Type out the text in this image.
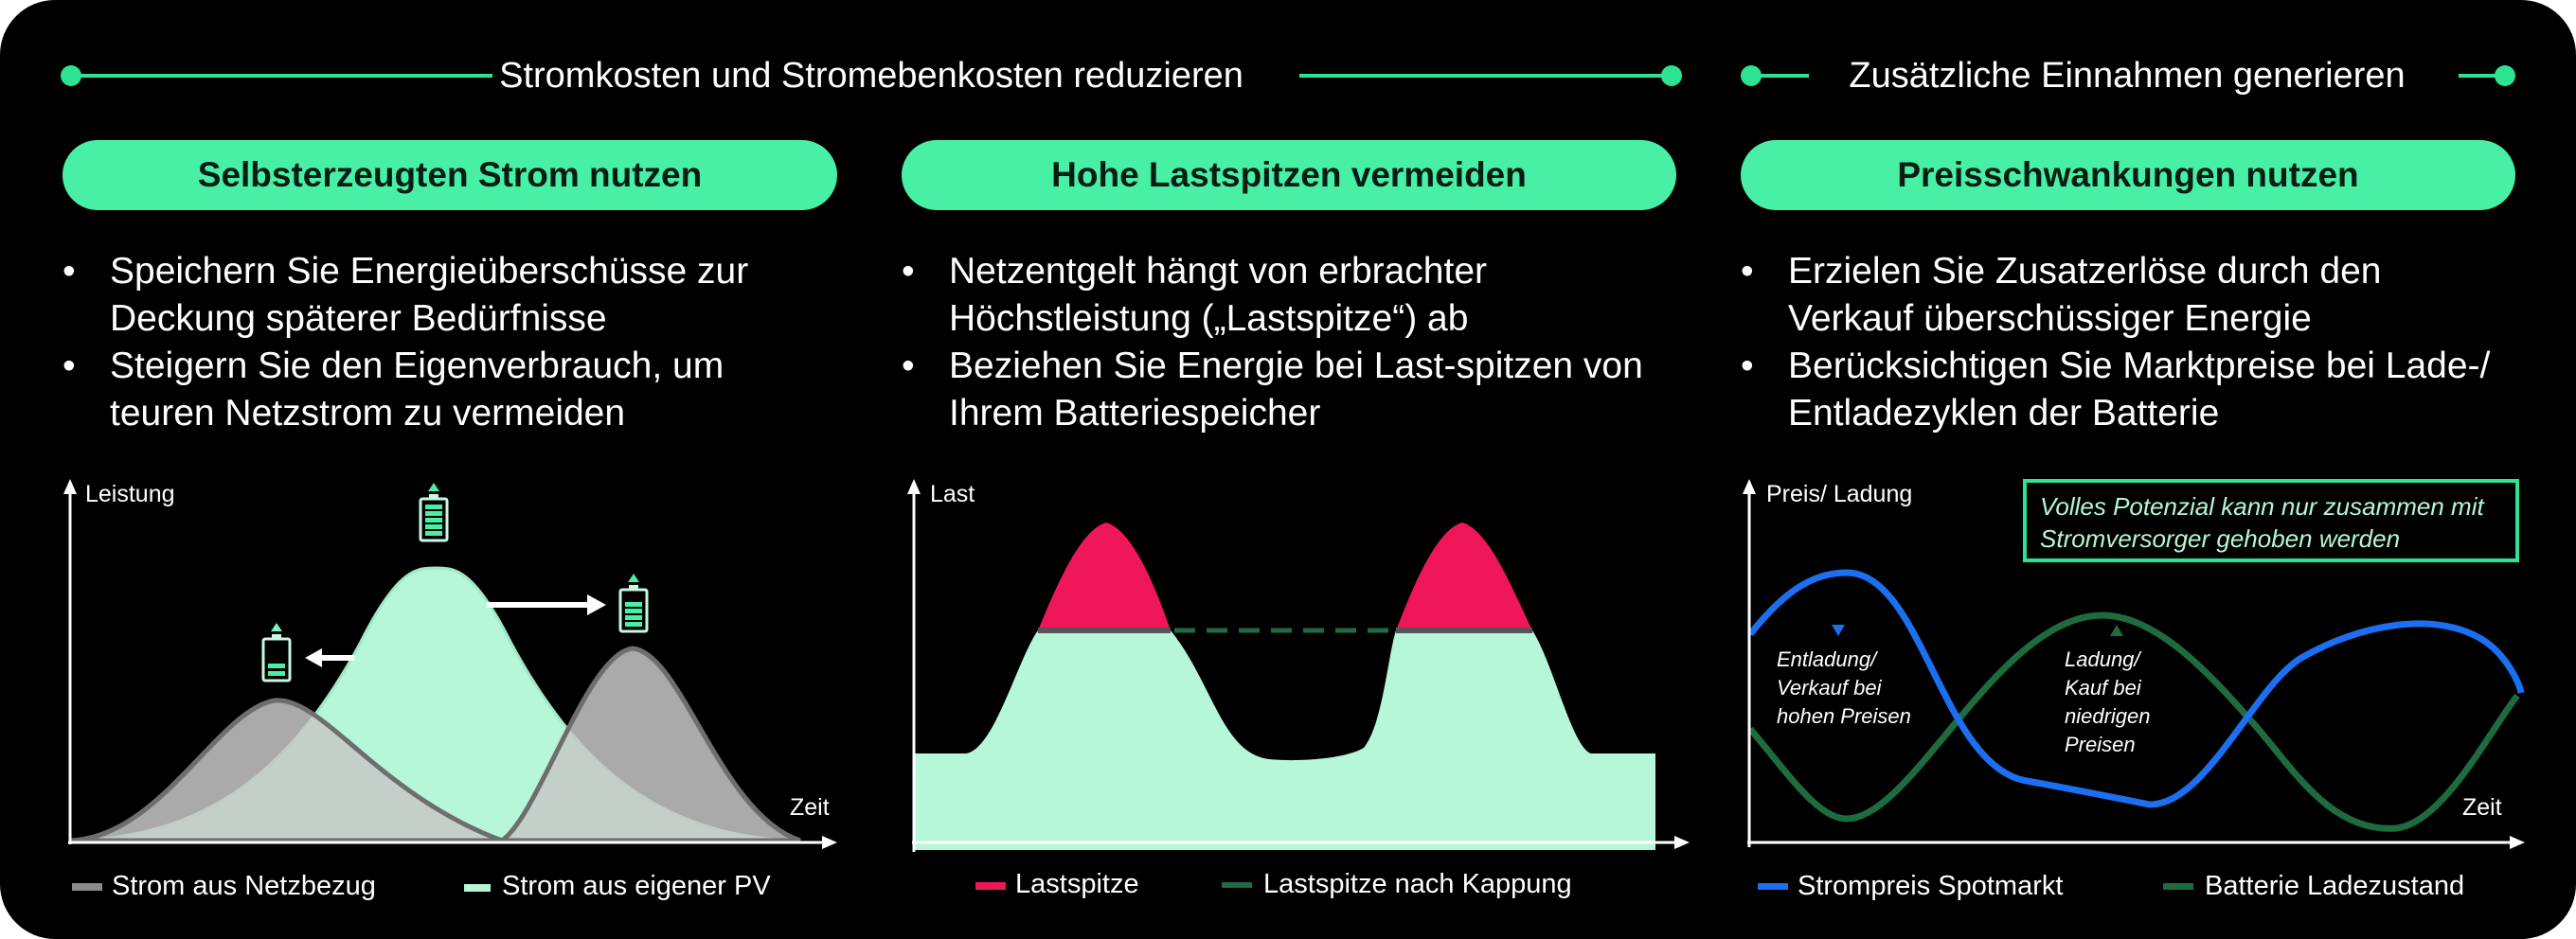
Stromkosten und Stromebenkosten reduzieren	Zusätzliche Einnahmen generieren
Selbsterzeugten Strom nutzen	Hohe Lastspitzen vermeiden	Preisschwankungen nutzen
• Speichern Sie Energieüberschüsse zur Deckung späterer Bedürfnisse
• Steigern Sie den Eigenverbrauch, um teuren Netzstrom zu vermeiden
• Netzentgelt hängt von erbrachter Höchstleistung („Lastspitze“) ab
• Beziehen Sie Energie bei Last-spitzen von Ihrem Batteriespeicher
• Erzielen Sie Zusatzerlöse durch den Verkauf überschüssiger Energie
• Berücksichtigen Sie Marktpreise bei Lade-/ Entladezyklen der Batterie
Leistung
Zeit
Strom aus Netzbezug	Strom aus eigener PV
Last
Lastspitze	Lastspitze nach Kappung
Preis/ Ladung
Zeit
Volles Potenzial kann nur zusammen mit
Stromversorger gehoben werden
Entladung/
Verkauf bei
hohen Preisen
Ladung/
Kauf bei
niedrigen
Preisen
Strompreis Spotmarkt	Batterie Ladezustand
